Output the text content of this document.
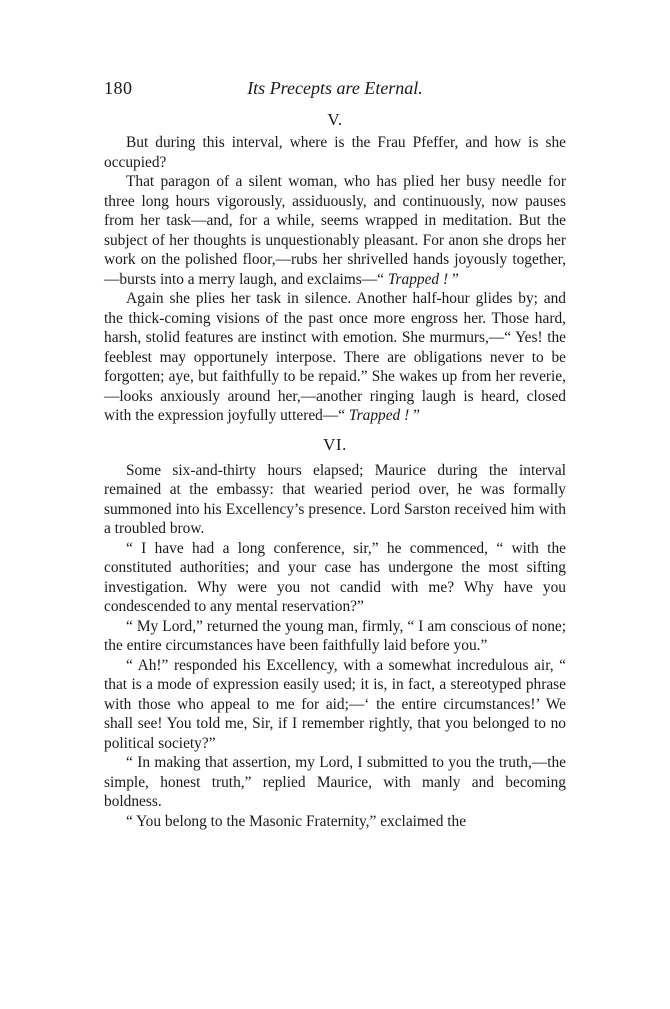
180	Its Precepts are Eternal.
V.

But during this interval, where is the Frau Pfeffer, and how is she occupied?

That paragon of a silent woman, who has plied her busy needle for three long hours vigorously, assiduously, and continuously, now pauses from her task—and, for a while, seems wrapped in meditation. But the subject of her thoughts is unquestionably pleasant. For anon she drops her work on the polished floor,—rubs her shrivelled hands joyously together,—bursts into a merry laugh, and exclaims—“ Trapped ! ”

Again she plies her task in silence. Another half-hour glides by; and the thick-coming visions of the past once more engross her. Those hard, harsh, stolid features are instinct with emotion. She murmurs,—“ Yes! the feeblest may opportunely interpose. There are obligations never to be forgotten; aye, but faithfully to be repaid.” She wakes up from her reverie,—looks anxiously around her,—another ringing laugh is heard, closed with the expression joyfully uttered—“ Trapped ! ”

VI.

Some six-and-thirty hours elapsed; Maurice during the interval remained at the embassy: that wearied period over, he was formally summoned into his Excellency’s presence. Lord Sarston received him with a troubled brow.

“ I have had a long conference, sir,” he commenced, “ with the constituted authorities; and your case has undergone the most sifting investigation. Why were you not candid with me? Why have you condescended to any mental reservation?”

“ My Lord,” returned the young man, firmly, “ I am conscious of none; the entire circumstances have been faithfully laid before you.”

“ Ah!” responded his Excellency, with a somewhat incredulous air, “ that is a mode of expression easily used; it is, in fact, a stereotyped phrase with those who appeal to me for aid;—‘ the entire circumstances!’ We shall see! You told me, Sir, if I remember rightly, that you belonged to no political society?”

“ In making that assertion, my Lord, I submitted to you the truth,—the simple, honest truth,” replied Maurice, with manly and becoming boldness.

“ You belong to the Masonic Fraternity,” exclaimed the
